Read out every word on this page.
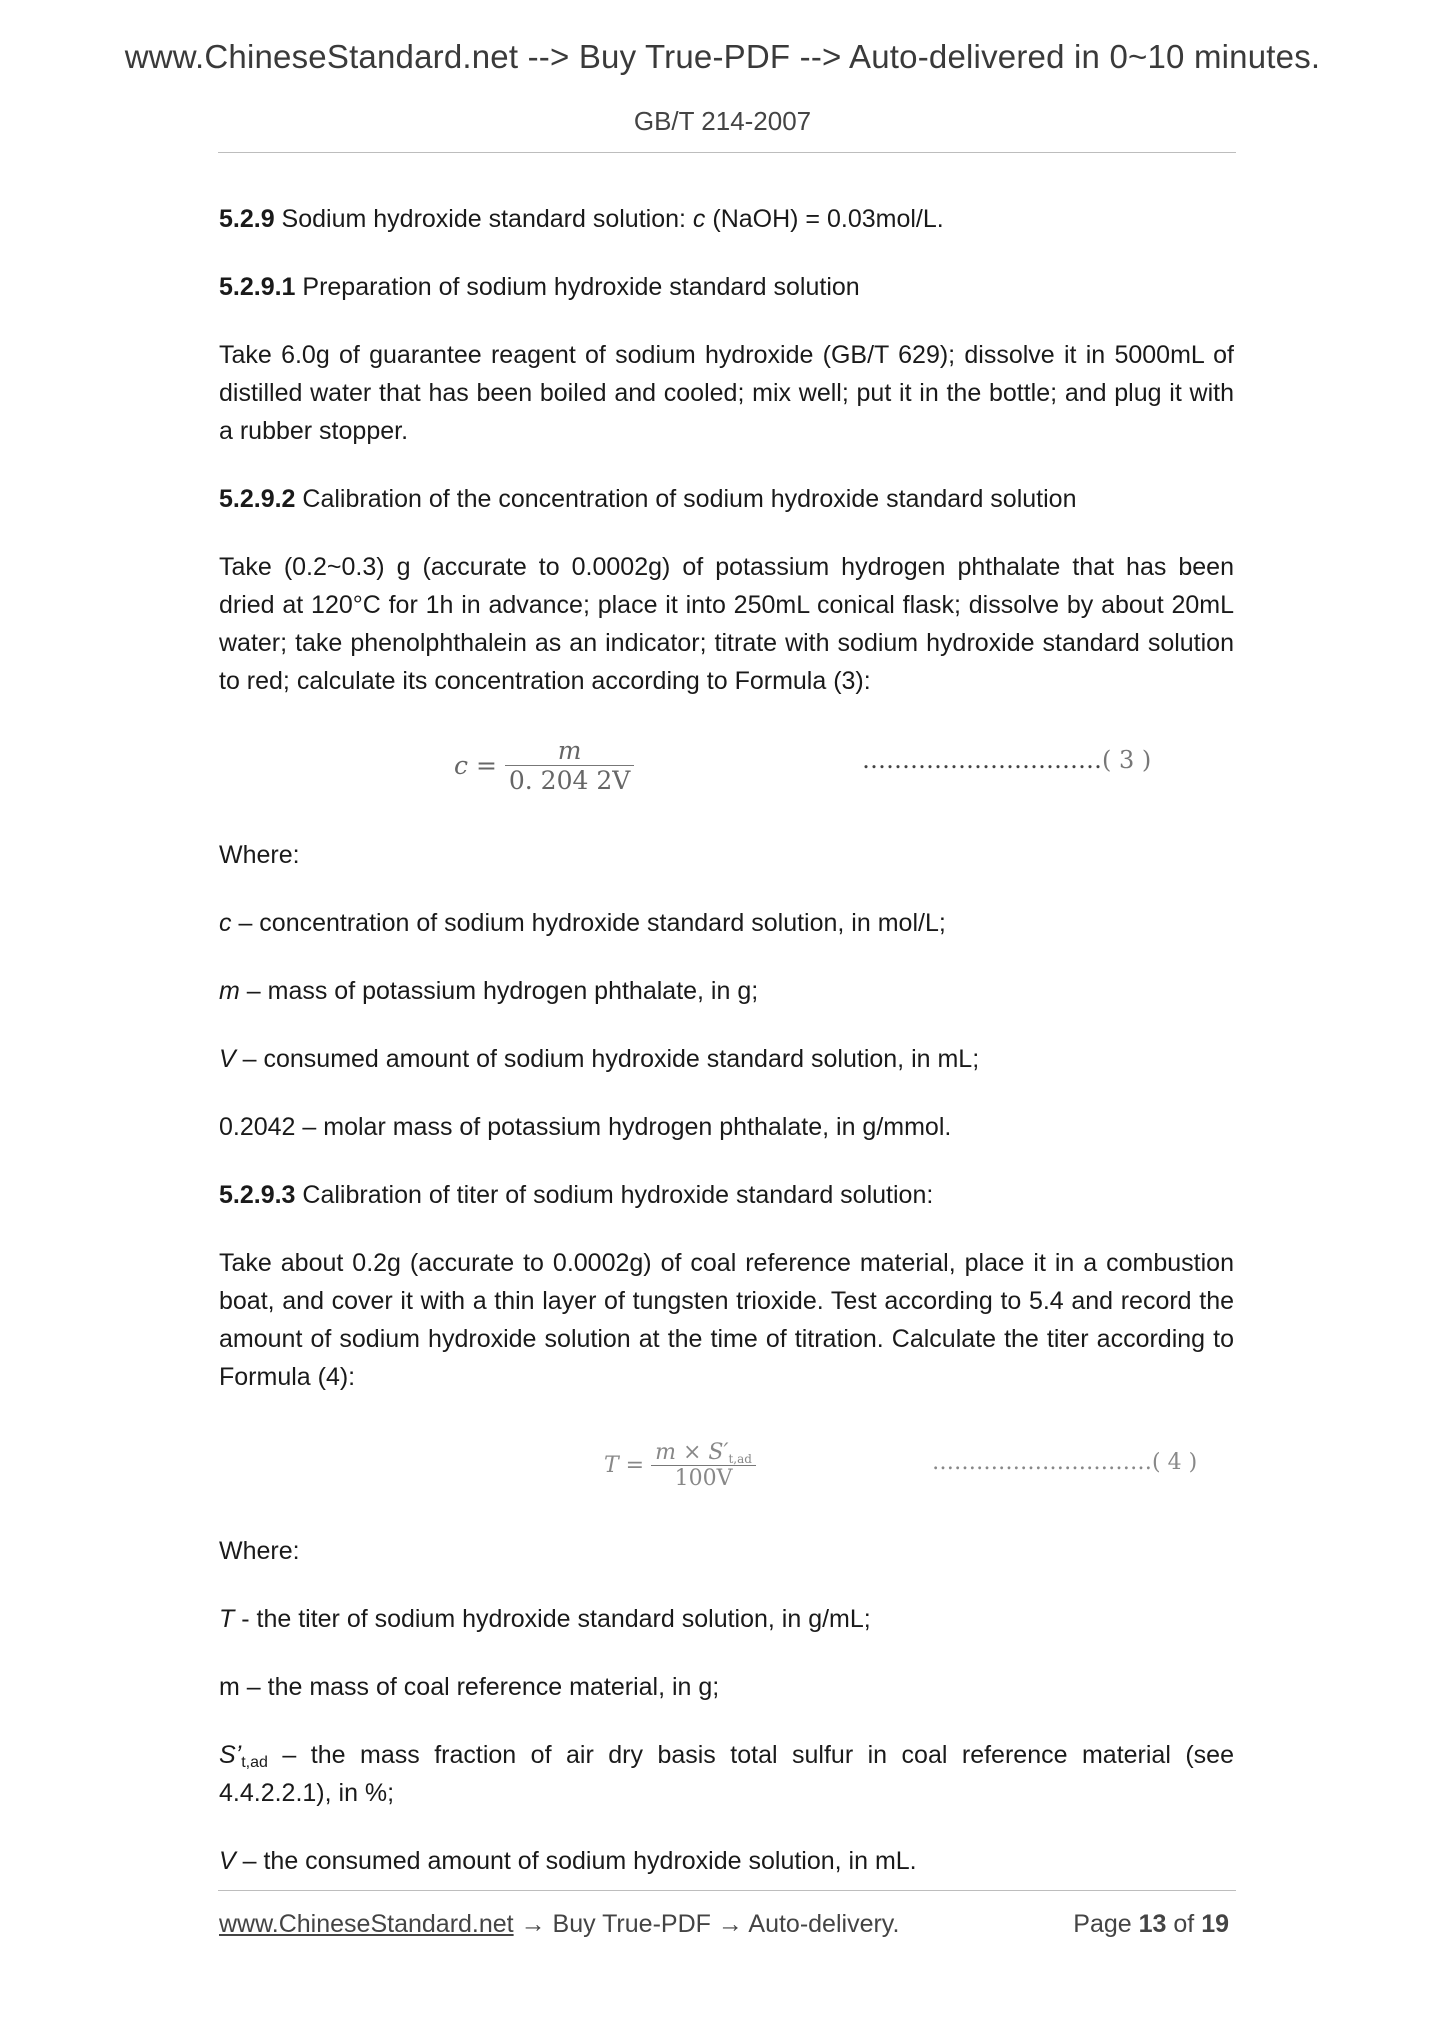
www.ChineseStandard.net --> Buy True-PDF --> Auto-delivered in 0~10 minutes.
GB/T 214-2007

5.2.9 Sodium hydroxide standard solution: c (NaOH) = 0.03mol/L.

5.2.9.1 Preparation of sodium hydroxide standard solution

Take 6.0g of guarantee reagent of sodium hydroxide (GB/T 629); dissolve it in 5000mL of distilled water that has been boiled and cooled; mix well; put it in the bottle; and plug it with a rubber stopper.

5.2.9.2 Calibration of the concentration of sodium hydroxide standard solution

Take (0.2~0.3) g (accurate to 0.0002g) of potassium hydrogen phthalate that has been dried at 120°C for 1h in advance; place it into 250mL conical flask; dissolve by about 20mL water; take phenolphthalein as an indicator; titrate with sodium hydroxide standard solution to red; calculate its concentration according to Formula (3):

$c = \frac{m}{0. 204 2V}$	…………………………( 3 )

Where:

c – concentration of sodium hydroxide standard solution, in mol/L;

m – mass of potassium hydrogen phthalate, in g;

V – consumed amount of sodium hydroxide standard solution, in mL;

0.2042 – molar mass of potassium hydrogen phthalate, in g/mmol.

5.2.9.3 Calibration of titer of sodium hydroxide standard solution:

Take about 0.2g (accurate to 0.0002g) of coal reference material, place it in a combustion boat, and cover it with a thin layer of tungsten trioxide. Test according to 5.4 and record the amount of sodium hydroxide solution at the time of titration. Calculate the titer according to Formula (4):

$T = \frac{m \times S'_{t,ad}}{100V}$	…………………………( 4 )

Where:

T - the titer of sodium hydroxide standard solution, in g/mL;

m – the mass of coal reference material, in g;

$S’_{t,ad}$ – the mass fraction of air dry basis total sulfur in coal reference material (see 4.4.2.2.1), in %;

V – the consumed amount of sodium hydroxide solution, in mL.

www.ChineseStandard.net → Buy True-PDF → Auto-delivery.	Page 13 of 19
